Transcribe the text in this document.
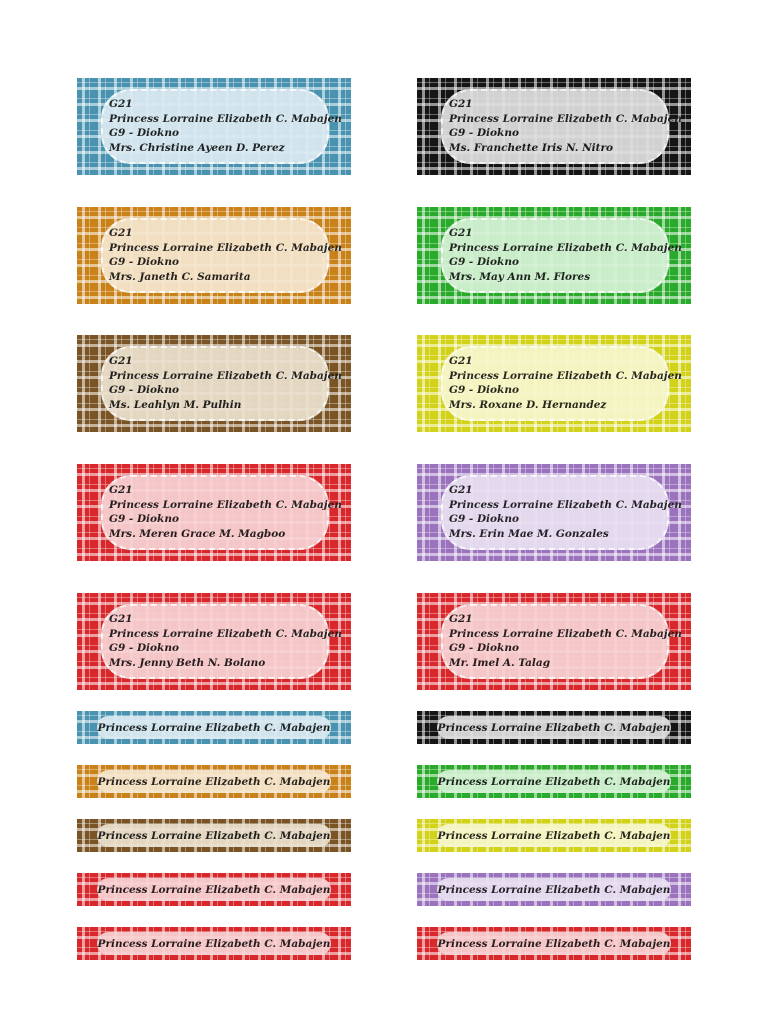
G21
Princess Lorraine Elizabeth C. Mabajen
G9 - Diokno
Mrs. Christine Ayeen D. Perez
G21
Princess Lorraine Elizabeth C. Mabajen
G9 - Diokno
Ms. Franchette Iris N. Nitro
G21
Princess Lorraine Elizabeth C. Mabajen
G9 - Diokno
Mrs. Janeth C. Samarita
G21
Princess Lorraine Elizabeth C. Mabajen
G9 - Diokno
Mrs. May Ann M. Flores
G21
Princess Lorraine Elizabeth C. Mabajen
G9 - Diokno
Ms. Leahlyn M. Pulhin
G21
Princess Lorraine Elizabeth C. Mabajen
G9 - Diokno
Mrs. Roxane D. Hernandez
G21
Princess Lorraine Elizabeth C. Mabajen
G9 - Diokno
Mrs. Meren Grace M. Magboo
G21
Princess Lorraine Elizabeth C. Mabajen
G9 - Diokno
Mrs. Erin Mae M. Gonzales
G21
Princess Lorraine Elizabeth C. Mabajen
G9 - Diokno
Mrs. Jenny Beth N. Bolano
G21
Princess Lorraine Elizabeth C. Mabajen
G9 - Diokno
Mr. Imel A. Talag
Princess Lorraine Elizabeth C. Mabajen	Princess Lorraine Elizabeth C. Mabajen
Princess Lorraine Elizabeth C. Mabajen	Princess Lorraine Elizabeth C. Mabajen
Princess Lorraine Elizabeth C. Mabajen	Princess Lorraine Elizabeth C. Mabajen
Princess Lorraine Elizabeth C. Mabajen	Princess Lorraine Elizabeth C. Mabajen
Princess Lorraine Elizabeth C. Mabajen	Princess Lorraine Elizabeth C. Mabajen
